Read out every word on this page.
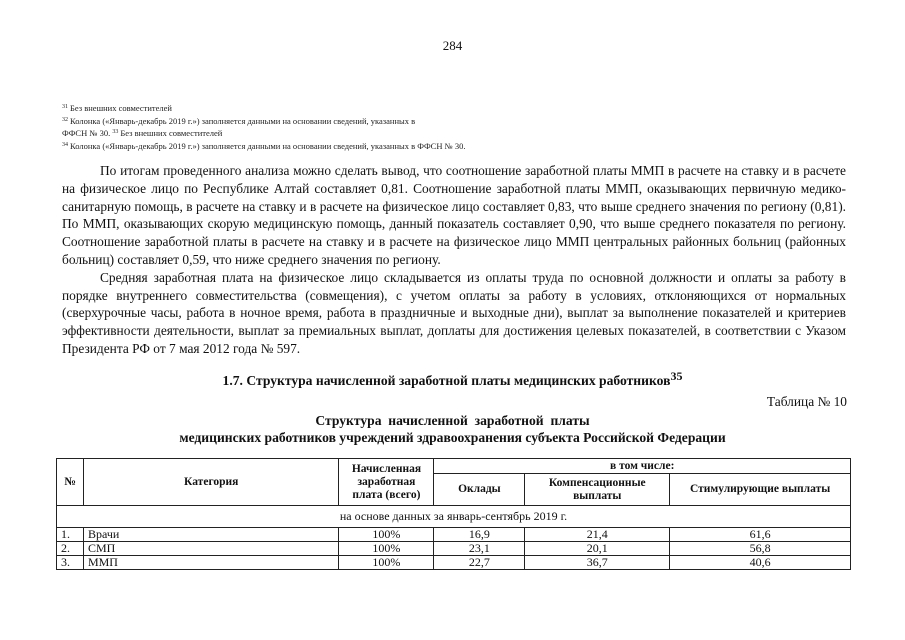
284
$^{31}$ Без внешних совместителей
$^{32}$ Колонка («Январь-декабрь 2019 г.») заполняется данными на основании сведений, указанных в
ФФСН № 30. $^{33}$ Без внешних совместителей
$^{34}$ Колонка («Январь-декабрь 2019 г.») заполняется данными на основании сведений, указанных в ФФСН № 30.

По итогам проведенного анализа можно сделать вывод, что соотношение заработной платы ММП в расчете на ставку и в расчете на физическое лицо по Республике Алтай составляет 0,81. Соотношение заработной платы ММП, оказывающих первичную медико-санитарную помощь, в расчете на ставку и в расчете на физическое лицо составляет 0,83, что выше среднего значения по региону (0,81). По ММП, оказывающих скорую медицинскую помощь, данный показатель составляет 0,90, что выше среднего показателя по региону. Соотношение заработной платы в расчете на ставку и в расчете на физическое лицо ММП центральных районных больниц (районных больниц) составляет 0,59, что ниже среднего значения по региону.

Средняя заработная плата на физическое лицо складывается из оплаты труда по основной должности и оплаты за работу в порядке внутреннего совместительства (совмещения), с учетом оплаты за работу в условиях, отклоняющихся от нормальных (сверхурочные часы, работа в ночное время, работа в праздничные и выходные дни), выплат за выполнение показателей и критериев эффективности деятельности, выплат за премиальных выплат, доплаты для достижения целевых показателей, в соответствии с Указом Президента РФ от 7 мая 2012 года № 597.

1.7. Структура начисленной заработной платы медицинских работников$^{35}$
Таблица № 10
Структура  начисленной  заработной  платы
медицинских работников учреждений здравоохранения субъекта Российской Федерации
№	Категория	Начисленная заработная плата (всего)	в том числе:		
			Оклады	Компенсационные выплаты	Стимулирующие выплаты
на основе данных за январь-сентябрь 2019 г.					
1.	Врачи	100%	16,9	21,4	61,6
2.	СМП	100%	23,1	20,1	56,8
3.	ММП	100%	22,7	36,7	40,6
